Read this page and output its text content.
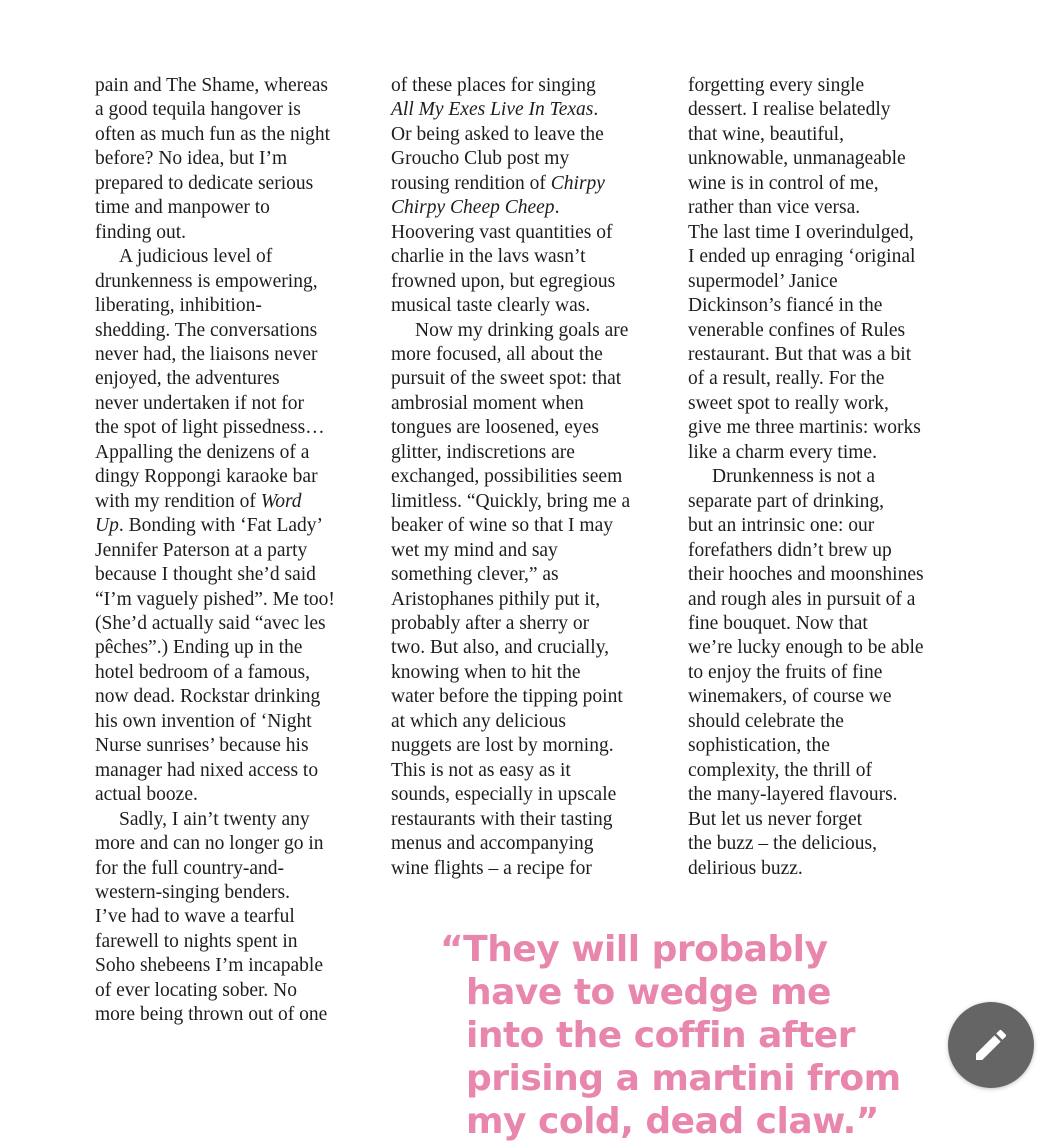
pain and The Shame, whereas
a good tequila hangover is
often as much fun as the night
before? No idea, but I’m
prepared to dedicate serious
time and manpower to
finding out.

A judicious level of
drunkenness is empowering,
liberating, inhibition-
shedding. The conversations
never had, the liaisons never
enjoyed, the adventures
never undertaken if not for
the spot of light pissedness…
Appalling the denizens of a
dingy Roppongi karaoke bar
with my rendition of Word
Up. Bonding with ‘Fat Lady’
Jennifer Paterson at a party
because I thought she’d said
“I’m vaguely pished”. Me too!
(She’d actually said “avec les
pêches”.) Ending up in the
hotel bedroom of a famous,
now dead. Rockstar drinking
his own invention of ‘Night
Nurse sunrises’ because his
manager had nixed access to
actual booze.

Sadly, I ain’t twenty any
more and can no longer go in
for the full country-and-
western-singing benders.
I’ve had to wave a tearful
farewell to nights spent in
Soho shebeens I’m incapable
of ever locating sober. No
more being thrown out of one

of these places for singing
All My Exes Live In Texas.
Or being asked to leave the
Groucho Club post my
rousing rendition of Chirpy
Chirpy Cheep Cheep.
Hoovering vast quantities of
charlie in the lavs wasn’t
frowned upon, but egregious
musical taste clearly was.

Now my drinking goals are
more focused, all about the
pursuit of the sweet spot: that
ambrosial moment when
tongues are loosened, eyes
glitter, indiscretions are
exchanged, possibilities seem
limitless. “Quickly, bring me a
beaker of wine so that I may
wet my mind and say
something clever,” as
Aristophanes pithily put it,
probably after a sherry or
two. But also, and crucially,
knowing when to hit the
water before the tipping point
at which any delicious
nuggets are lost by morning.
This is not as easy as it
sounds, especially in upscale
restaurants with their tasting
menus and accompanying
wine flights – a recipe for

forgetting every single
dessert. I realise belatedly
that wine, beautiful,
unknowable, unmanageable
wine is in control of me,
rather than vice versa.
The last time I overindulged,
I ended up enraging ‘original
supermodel’ Janice
Dickinson’s fiancé in the
venerable confines of Rules
restaurant. But that was a bit
of a result, really. For the
sweet spot to really work,
give me three martinis: works
like a charm every time.

Drunkenness is not a
separate part of drinking,
but an intrinsic one: our
forefathers didn’t brew up
their hooches and moonshines
and rough ales in pursuit of a
fine bouquet. Now that
we’re lucky enough to be able
to enjoy the fruits of fine
winemakers, of course we
should celebrate the
sophistication, the
complexity, the thrill of
the many-layered flavours.
But let us never forget
the buzz – the delicious,
delirious buzz.

“They will probably
have to wedge me
into the coffin after
prising a martini from
my cold, dead claw.”
